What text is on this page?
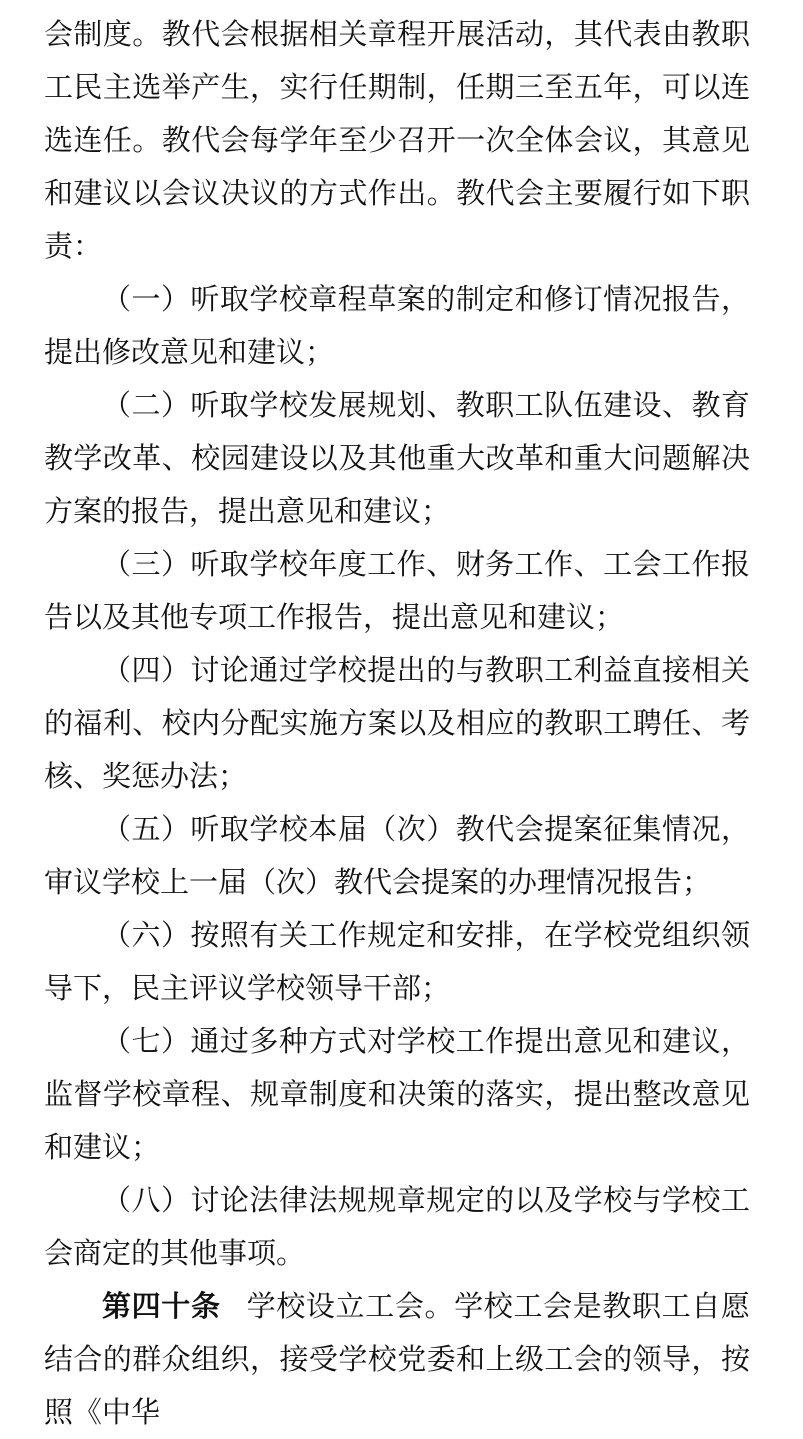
会制度。教代会根据相关章程开展活动，其代表由教职工民主选举产生，实行任期制，任期三至五年，可以连选连任。教代会每学年至少召开一次全体会议，其意见和建议以会议决议的方式作出。教代会主要履行如下职责：

（一）听取学校章程草案的制定和修订情况报告，提出修改意见和建议；

（二）听取学校发展规划、教职工队伍建设、教育教学改革、校园建设以及其他重大改革和重大问题解决方案的报告，提出意见和建议；

（三）听取学校年度工作、财务工作、工会工作报告以及其他专项工作报告，提出意见和建议；

（四）讨论通过学校提出的与教职工利益直接相关的福利、校内分配实施方案以及相应的教职工聘任、考核、奖惩办法；

（五）听取学校本届（次）教代会提案征集情况，审议学校上一届（次）教代会提案的办理情况报告；

（六）按照有关工作规定和安排，在学校党组织领导下，民主评议学校领导干部；

（七）通过多种方式对学校工作提出意见和建议，监督学校章程、规章制度和决策的落实，提出整改意见和建议；

（八）讨论法律法规规章规定的以及学校与学校工会商定的其他事项。

第四十条 学校设立工会。学校工会是教职工自愿结合的群众组织，接受学校党委和上级工会的领导，按照《中华
